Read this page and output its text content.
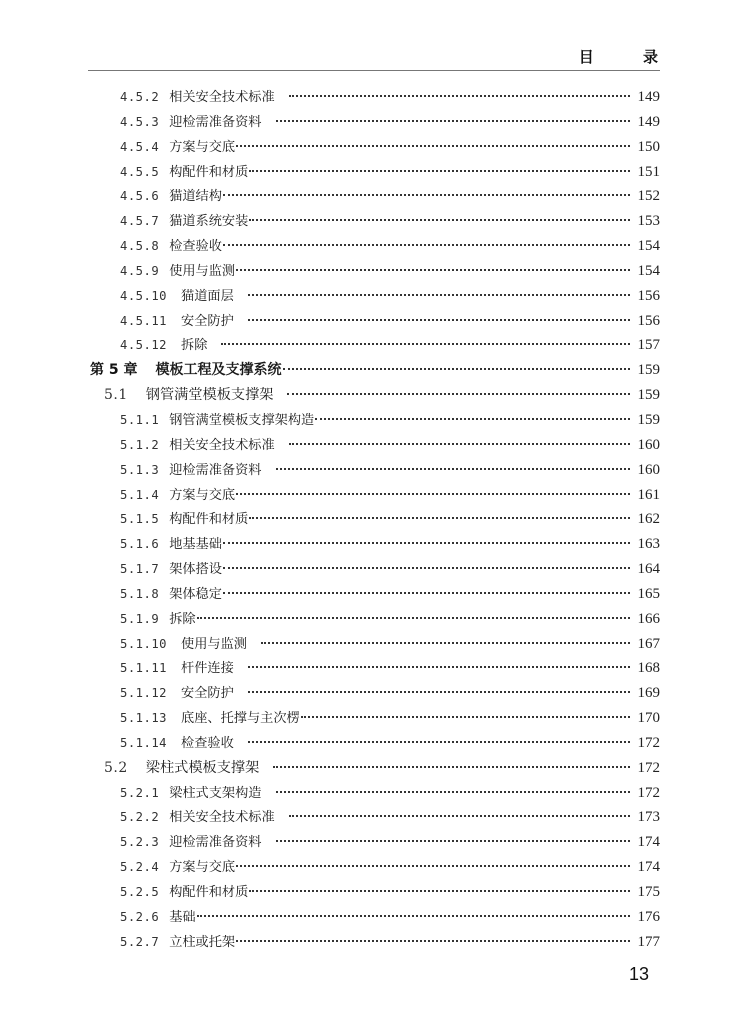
目 录
4.5.2 相关安全技术标准	149
4.5.3 迎检需准备资料	149
4.5.4 方案与交底	150
4.5.5 构配件和材质	151
4.5.6 猫道结构	152
4.5.7 猫道系统安装	153
4.5.8 检查验收	154
4.5.9 使用与监测	154
4.5.10 猫道面层	156
4.5.11 安全防护	156
4.5.12 拆除	157
第 5 章 模板工程及支撑系统	159
5.1 钢管满堂模板支撑架	159
5.1.1 钢管满堂模板支撑架构造	159
5.1.2 相关安全技术标准	160
5.1.3 迎检需准备资料	160
5.1.4 方案与交底	161
5.1.5 构配件和材质	162
5.1.6 地基基础	163
5.1.7 架体搭设	164
5.1.8 架体稳定	165
5.1.9 拆除	166
5.1.10 使用与监测	167
5.1.11 杆件连接	168
5.1.12 安全防护	169
5.1.13 底座、托撑与主次楞	170
5.1.14 检查验收	172
5.2 梁柱式模板支撑架	172
5.2.1 梁柱式支架构造	172
5.2.2 相关安全技术标准	173
5.2.3 迎检需准备资料	174
5.2.4 方案与交底	174
5.2.5 构配件和材质	175
5.2.6 基础	176
5.2.7 立柱或托架	177
13
